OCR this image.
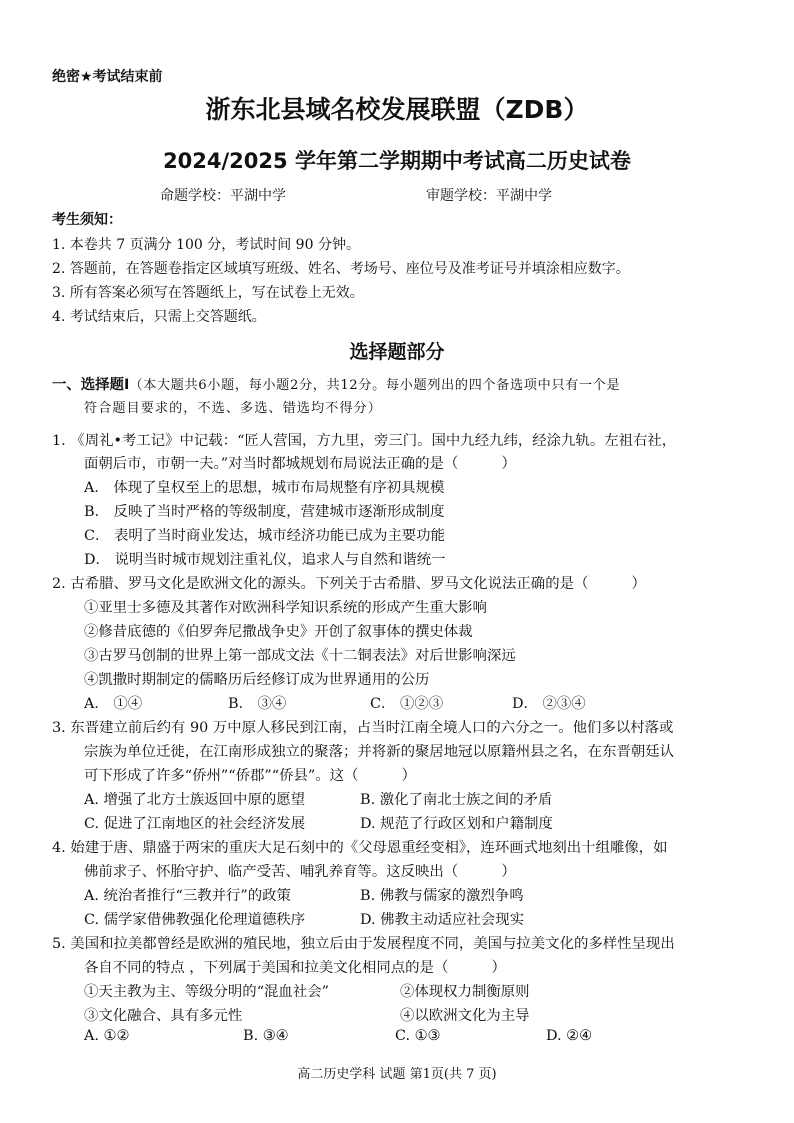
绝密★考试结束前
浙东北县域名校发展联盟（ZDB）
2024/2025 学年第二学期期中考试高二历史试卷
命题学校：平湖中学	审题学校：平湖中学
考生须知：
1. 本卷共 7 页满分 100 分，考试时间 90 分钟。
2. 答题前，在答题卷指定区域填写班级、姓名、考场号、座位号及准考证号并填涂相应数字。
3. 所有答案必须写在答题纸上，写在试卷上无效。
4. 考试结束后，只需上交答题纸。
选择题部分
一、选择题Ⅰ（本大题共6小题，每小题2分，共12分。每小题列出的四个备选项中只有一个是
符合题目要求的，不选、多选、错选均不得分）
1. 《周礼•考工记》中记载：“匠人营国，方九里，旁三门。国中九经九纬，经涂九轨。左祖右社，
面朝后市，市朝一夫。”对当时都城规划布局说法正确的是（　　　）
A． 体现了皇权至上的思想，城市布局规整有序初具规模
B． 反映了当时严格的等级制度，营建城市逐渐形成制度
C． 表明了当时商业发达，城市经济功能已成为主要功能
D． 说明当时城市规划注重礼仪，追求人与自然和谐统一
2. 古希腊、罗马文化是欧洲文化的源头。下列关于古希腊、罗马文化说法正确的是（　　　）
①亚里士多德及其著作对欧洲科学知识系统的形成产生重大影响
②修昔底德的《伯罗奔尼撒战争史》开创了叙事体的撰史体裁
③古罗马创制的世界上第一部成文法《十二铜表法》对后世影响深远
④凯撒时期制定的儒略历后经修订成为世界通用的公历
A． ①④	B． ③④	C． ①②③	D． ②③④
3. 东晋建立前后约有 90 万中原人移民到江南，占当时江南全境人口的六分之一。他们多以村落或
宗族为单位迁徙，在江南形成独立的聚落；并将新的聚居地冠以原籍州县之名，在东晋朝廷认
可下形成了许多“侨州”“侨郡”“侨县”。这（　　　）
A. 增强了北方士族返回中原的愿望	B. 激化了南北士族之间的矛盾
C. 促进了江南地区的社会经济发展	D. 规范了行政区划和户籍制度
4. 始建于唐、鼎盛于两宋的重庆大足石刻中的《父母恩重经变相》，连环画式地刻出十组雕像，如
佛前求子、怀胎守护、临产受苦、哺乳养育等。这反映出（　　　）
A. 统治者推行“三教并行”的政策	B. 佛教与儒家的激烈争鸣
C. 儒学家借佛教强化伦理道德秩序	D. 佛教主动适应社会现实
5. 美国和拉美都曾经是欧洲的殖民地，独立后由于发展程度不同，美国与拉美文化的多样性呈现出
各自不同的特点 ，下列属于美国和拉美文化相同点的是（　　　）
①天主教为主、等级分明的“混血社会”	②体现权力制衡原则
③文化融合、具有多元性	④以欧洲文化为主导
A. ①②	B. ③④	C. ①③	D. ②④
高二历史学科 试题 第1页(共 7 页)
